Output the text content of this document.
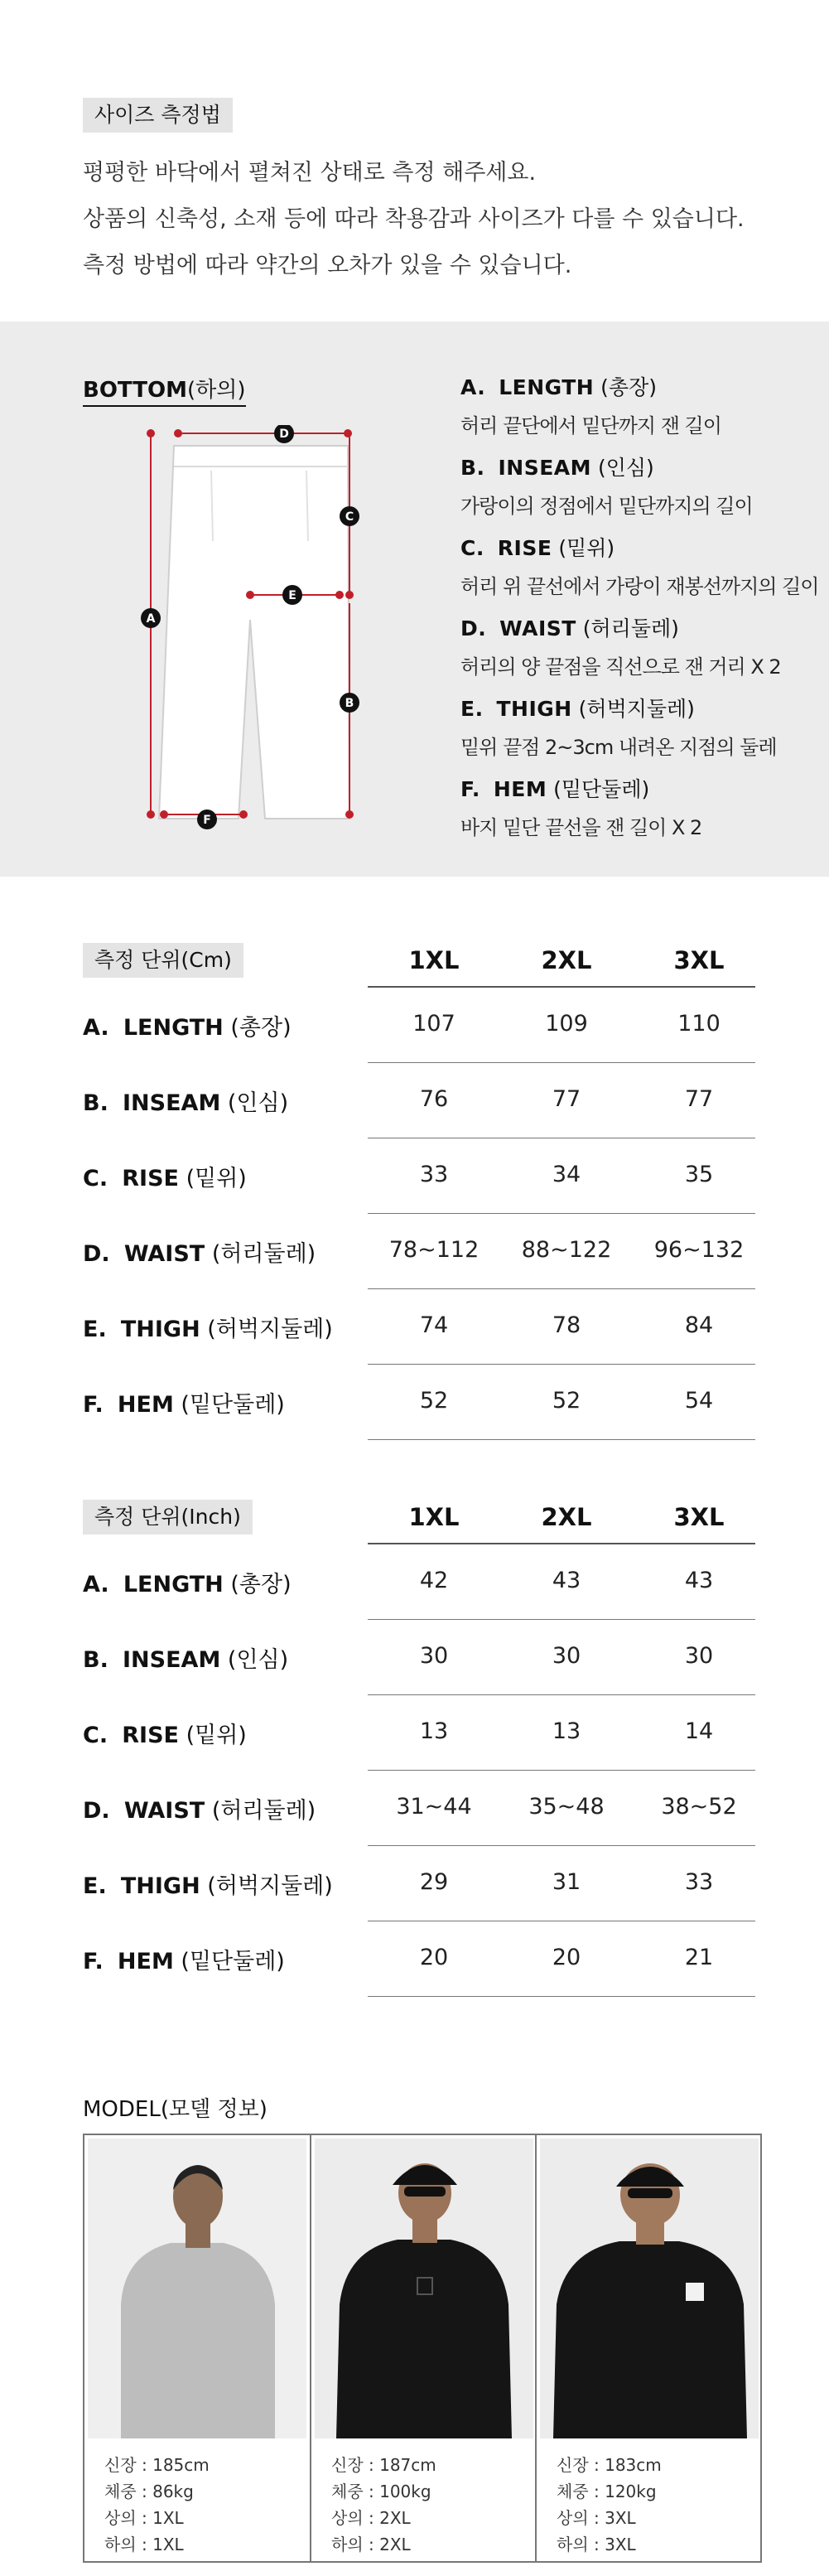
사이즈 측정법
평평한 바닥에서 펼쳐진 상태로 측정 해주세요.
상품의 신축성, 소재 등에 따라 착용감과 사이즈가 다를 수 있습니다.
측정 방법에 따라 약간의 오차가 있을 수 있습니다.
BOTTOM(하의)
A
B
C
D
E
F
A. LENGTH (총장)
허리 끝단에서 밑단까지 잰 길이
B. INSEAM (인심)
가랑이의 정점에서 밑단까지의 길이
C. RISE (밑위)
허리 위 끝선에서 가랑이 재봉선까지의 길이
D. WAIST (허리둘레)
허리의 양 끝점을 직선으로 잰 거리 X 2
E. THIGH (허벅지둘레)
밑위 끝점 2~3cm 내려온 지점의 둘레
F. HEM (밑단둘레)
바지 밑단 끝선을 잰 길이 X 2
측정 단위(Cm)	1XL	2XL	3XL
A. LENGTH (총장)	107	109	110
B. INSEAM (인심)	76	77	77
C. RISE (밑위)	33	34	35
D. WAIST (허리둘레)	78~112	88~122	96~132
E. THIGH (허벅지둘레)	74	78	84
F. HEM (밑단둘레)	52	52	54
측정 단위(Inch)	1XL	2XL	3XL
A. LENGTH (총장)	42	43	43
B. INSEAM (인심)	30	30	30
C. RISE (밑위)	13	13	14
D. WAIST (허리둘레)	31~44	35~48	38~52
E. THIGH (허벅지둘레)	29	31	33
F. HEM (밑단둘레)	20	20	21
MODEL(모델 정보)
신장 : 185cm
체중 : 86kg
상의 : 1XL
하의 : 1XL
신장 : 187cm
체중 : 100kg
상의 : 2XL
하의 : 2XL
신장 : 183cm
체중 : 120kg
상의 : 3XL
하의 : 3XL
